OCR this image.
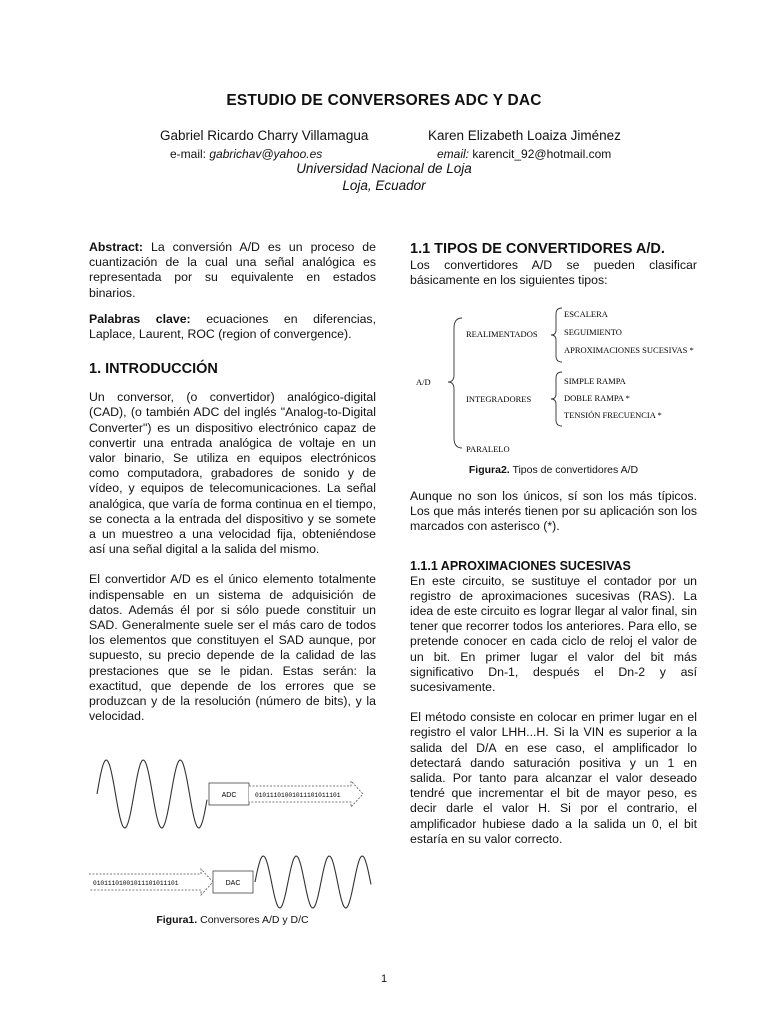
ESTUDIO DE CONVERSORES ADC Y DAC
Gabriel Ricardo Charry Villamagua	Karen Elizabeth Loaiza Jiménez
e-mail: gabrichav@yahoo.es	email: karencit_92@hotmail.com
Universidad Nacional de Loja
Loja, Ecuador

Abstract: La conversión A/D es un proceso de cuantización de la cual una señal analógica es representada por su equivalente en estados binarios.

Palabras clave: ecuaciones en diferencias, Laplace, Laurent, ROC (region of convergence).

1. INTRODUCCIÓN

Un conversor, (o convertidor) analógico-digital (CAD), (o también ADC del inglés "Analog-to-Digital Converter") es un dispositivo electrónico capaz de convertir una entrada analógica de voltaje en un valor binario, Se utiliza en equipos electrónicos como computadora, grabadores de sonido y de vídeo, y equipos de telecomunicaciones. La señal analógica, que varía de forma continua en el tiempo, se conecta a la entrada del dispositivo y se somete a un muestreo a una velocidad fija, obteniéndose así una señal digital a la salida del mismo.

El convertidor A/D es el único elemento totalmente indispensable en un sistema de adquisición de datos. Además él por si sólo puede constituir un SAD. Generalmente suele ser el más caro de todos los elementos que constituyen el SAD aunque, por supuesto, su precio depende de la calidad de las prestaciones que se le pidan. Estas serán: la exactitud, que depende de los errores que se produzcan y de la resolución (número de bits), y la velocidad.

ADC	01011101001011101011101
01011101001011101011101	DAC
Figura1. Conversores A/D y D/C
1.1 TIPOS DE CONVERTIDORES A/D.

Los convertidores A/D se pueden clasificar básicamente en los siguientes tipos:

A/D
REALIMENTADOS
INTEGRADORES
PARALELO
ESCALERA
SEGUIMIENTO
APROXIMACIONES SUCESIVAS *
SIMPLE RAMPA
DOBLE RAMPA *
TENSIÓN FRECUENCIA *
Figura2. Tipos de convertidores A/D

Aunque no son los únicos, sí son los más típicos. Los que más interés tienen por su aplicación son los marcados con asterisco (*).

1.1.1 APROXIMACIONES SUCESIVAS

En este circuito, se sustituye el contador por un registro de aproximaciones sucesivas (RAS). La idea de este circuito es lograr llegar al valor final, sin tener que recorrer todos los anteriores. Para ello, se pretende conocer en cada ciclo de reloj el valor de un bit. En primer lugar el valor del bit más significativo Dn-1, después el Dn-2 y así sucesivamente.

El método consiste en colocar en primer lugar en el registro el valor LHH...H. Si la VIN es superior a la salida del D/A en ese caso, el amplificador lo detectará dando saturación positiva y un 1 en salida. Por tanto para alcanzar el valor deseado tendré que incrementar el bit de mayor peso, es decir darle el valor H. Si por el contrario, el amplificador hubiese dado a la salida un 0, el bit estaría en su valor correcto.

1
